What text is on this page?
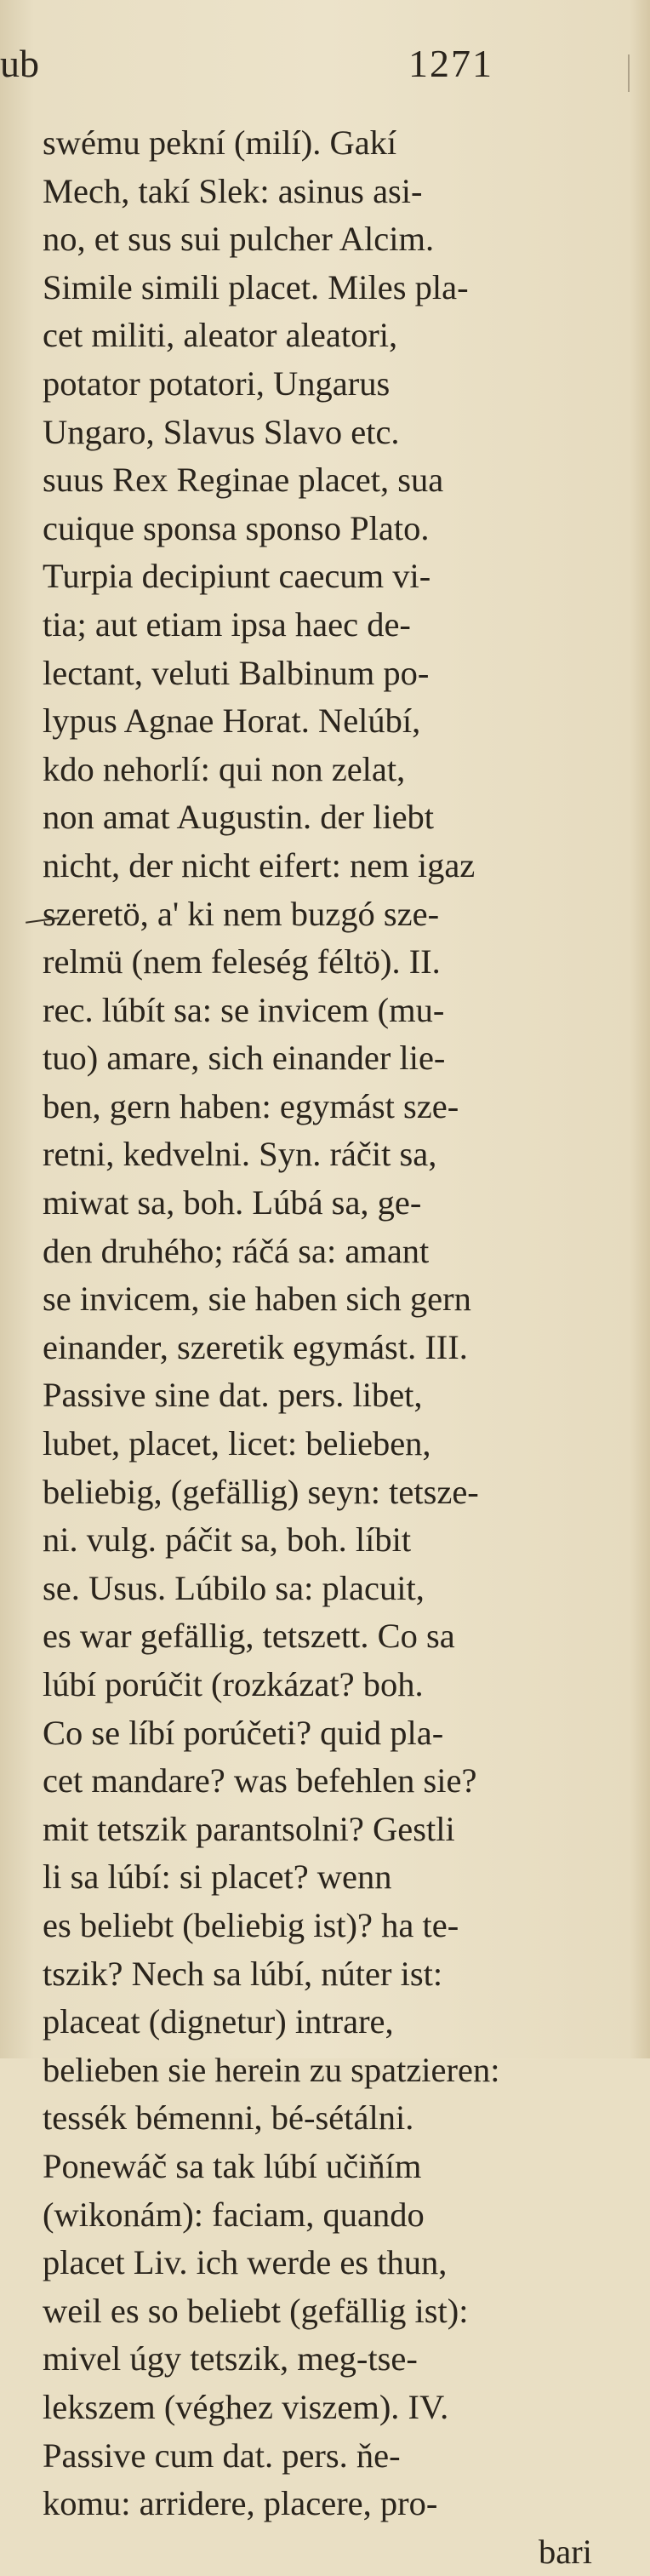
ub	1271
swému pekní (milí). Gakí
Mech, takí Slek: asinus asi-
no, et sus sui pulcher Alcim.
Simile simili placet. Miles pla-
cet militi, aleator aleatori,
potator potatori, Ungarus
Ungaro, Slavus Slavo etc.
suus Rex Reginae placet, sua
cuique sponsa sponso Plato.
Turpia decipiunt caecum vi-
tia; aut etiam ipsa haec de-
lectant, veluti Balbinum po-
lypus Agnae Horat. Nelúbí,
kdo nehorlí: qui non zelat,
non amat Augustin. der liebt
nicht, der nicht eifert: nem igaz
szeretö, a' ki nem buzgó sze-
relmü (nem feleség féltö). II.
rec. lúbít sa: se invicem (mu-
tuo) amare, sich einander lie-
ben, gern haben: egymást sze-
retni, kedvelni. Syn. ráčit sa,
miwat sa, boh. Lúbá sa, ge-
den druhého; ráčá sa: amant
se invicem, sie haben sich gern
einander, szeretik egymást. III.
Passive sine dat. pers. libet,
lubet, placet, licet: belieben,
beliebig, (gefällig) seyn: tetsze-
ni. vulg. páčit sa, boh. líbit
se. Usus. Lúbilo sa: placuit,
es war gefällig, tetszett. Co sa
lúbí porúčit (rozkázat? boh.
Co se líbí porúčeti? quid pla-
cet mandare? was befehlen sie?
mit tetszik parantsolni? Gestli
li sa lúbí: si placet? wenn
es beliebt (beliebig ist)? ha te-
tszik? Nech sa lúbí, núter ist:
placeat (dignetur) intrare,
belieben sie herein zu spatzieren:
tessék bémenni, bé-sétálni.
Ponewáč sa tak lúbí učiňím
(wikonám): faciam, quando
placet Liv. ich werde es thun,
weil es so beliebt (gefällig ist):
mivel úgy tetszik, meg-tse-
lekszem (véghez viszem). IV.
Passive cum dat. pers. ňe-
komu: arridere, placere, pro-
bari
